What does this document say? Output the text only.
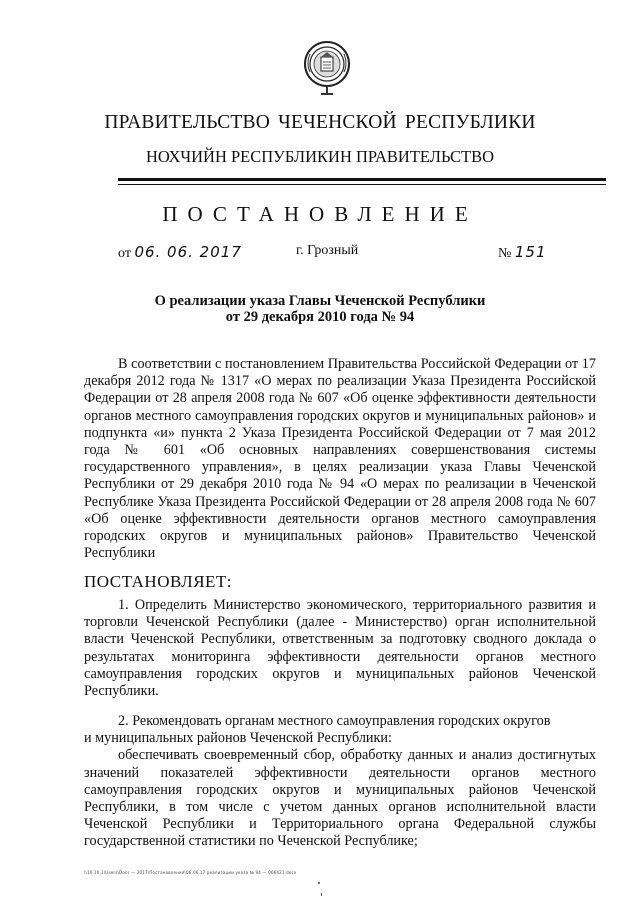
ПРАВИТЕЛЬСТВО ЧЕЧЕНСКОЙ РЕСПУБЛИКИ
НОХЧИЙН РЕСПУБЛИКИН ПРАВИТЕЛЬСТВО
ПОСТАНОВЛЕНИЕ
от 06. 06. 2017	г. Грозный	№ 151
О реализации указа Главы Чеченской Республики
от 29 декабря 2010 года № 94

В соответствии с постановлением Правительства Российской Федерации от 17 декабря 2012 года № 1317 «О мерах по реализации Указа Президента Российской Федерации от 28 апреля 2008 года № 607 «Об оценке эффективности деятельности органов местного самоуправления городских округов и муниципальных районов» и подпункта «и» пункта 2 Указа Президента Российской Федерации от 7 мая 2012 года № 601 «Об основных направлениях совершенствования системы государственного управления», в целях реализации указа Главы Чеченской Республики от 29 декабря 2010 года № 94 «О мерах по реализации в Чеченской Республике Указа Президента Российской Федерации от 28 апреля 2008 года № 607 «Об оценке эффективности деятельности органов местного самоуправления городских округов и муниципальных районов» Правительство Чеченской Республики

ПОСТАНОВЛЯЕТ:

1. Определить Министерство экономического, территориального развития и торговли Чеченской Республики (далее - Министерство) орган исполнительной власти Чеченской Республики, ответственным за подготовку сводного доклада о результатах мониторинга эффективности деятельности органов местного самоуправления городских округов и муниципальных районов Чеченской Республики.

2. Рекомендовать органам местного самоуправления городских округов

и муниципальных районов Чеченской Республики:

обеспечивать своевременный сбор, обработку данных и анализ достигнутых значений показателей эффективности деятельности органов местного самоуправления городских округов и муниципальных районов Чеченской Республики, в том числе с учетом данных органов исполнительной власти Чеченской Республики и Территориального органа Федеральной службы государственной статистики по Чеченской Республике;

\\10.10.1\Users\Docs — 2017\Постановления\06.06.17 реализации указа № 94 — 066421.docx
